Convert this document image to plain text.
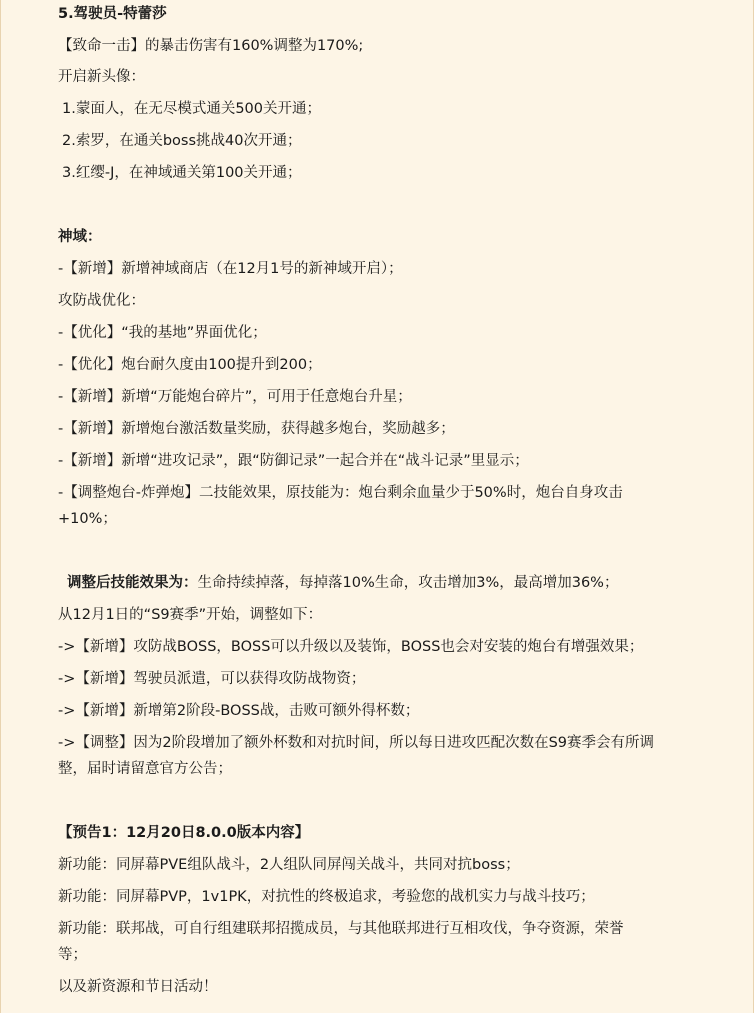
5.驾驶员-特蕾莎
【致命一击】的暴击伤害有160%调整为170%;
开启新头像：
1.蒙面人，在无尽模式通关500关开通；
2.索罗，在通关boss挑战40次开通；
3.红缨-J，在神域通关第100关开通；
神域：
-【新增】新增神域商店（在12月1号的新神域开启）；
攻防战优化：
-【优化】“我的基地”界面优化；
-【优化】炮台耐久度由100提升到200；
-【新增】新增“万能炮台碎片”，可用于任意炮台升星；
-【新增】新增炮台激活数量奖励，获得越多炮台，奖励越多；
-【新增】新增“进攻记录”，跟“防御记录”一起合并在“战斗记录”里显示；
-【调整炮台-炸弹炮】二技能效果，原技能为：炮台剩余血量少于50%时，炮台自身攻击
+10%；
调整后技能效果为：生命持续掉落，每掉落10%生命，攻击增加3%，最高增加36%；
从12月1日的“S9赛季”开始，调整如下：
->【新增】攻防战BOSS，BOSS可以升级以及装饰，BOSS也会对安装的炮台有增强效果；
->【新增】驾驶员派遣，可以获得攻防战物资；
->【新增】新增第2阶段-BOSS战，击败可额外得杯数；
->【调整】因为2阶段增加了额外杯数和对抗时间，所以每日进攻匹配次数在S9赛季会有所调
整，届时请留意官方公告；
【预告1：12月20日8.0.0版本内容】
新功能：同屏幕PVE组队战斗，2人组队同屏闯关战斗，共同对抗boss；
新功能：同屏幕PVP，1v1PK，对抗性的终极追求，考验您的战机实力与战斗技巧；
新功能：联邦战，可自行组建联邦招揽成员，与其他联邦进行互相攻伐，争夺资源，荣誉
等；
以及新资源和节日活动！
